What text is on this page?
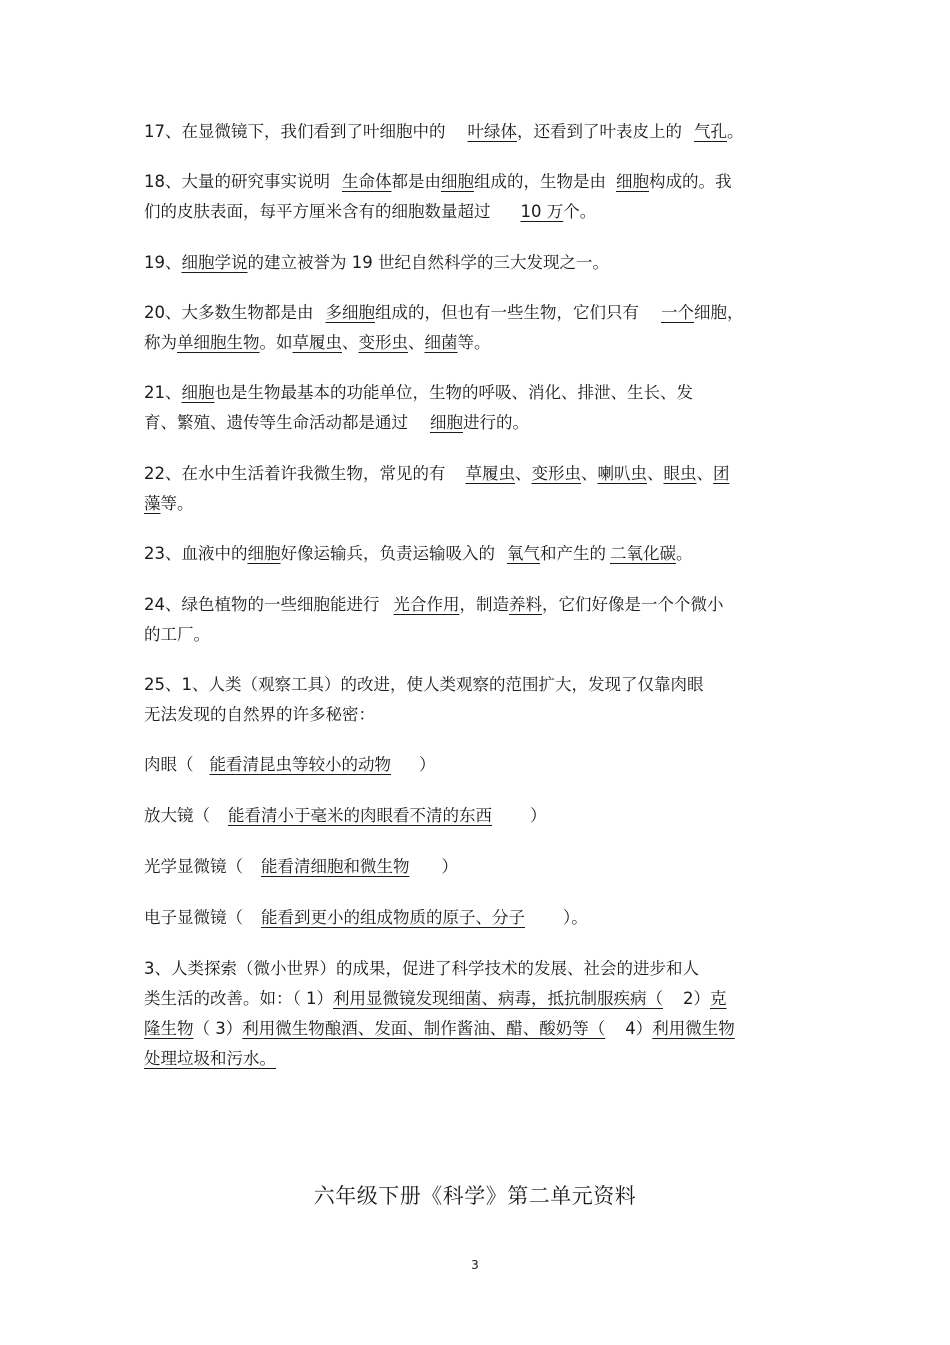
17、在显微镜下，我们看到了叶细胞中的 叶绿体，还看到了叶表皮上的 气孔。
18、大量的研究事实说明 生命体都是由细胞组成的，生物是由 细胞构成的。我
们的皮肤表面，每平方厘米含有的细胞数量超过 10 万个。
19、细胞学说的建立被誉为 19 世纪自然科学的三大发现之一。
20、大多数生物都是由 多细胞组成的，但也有一些生物，它们只有 一个细胞，
称为单细胞生物。如草履虫、变形虫、细菌等。
21、细胞也是生物最基本的功能单位，生物的呼吸、消化、排泄、生长、发
育、繁殖、遗传等生命活动都是通过 细胞进行的。
22、在水中生活着许我微生物，常见的有 草履虫、变形虫、喇叭虫、眼虫、团
藻等。
23、血液中的细胞好像运输兵，负责运输吸入的 氧气和产生的 二氧化碳。
24、绿色植物的一些细胞能进行 光合作用，制造养料，它们好像是一个个微小
的工厂。
25、1、人类（观察工具）的改进，使人类观察的范围扩大，发现了仅靠肉眼
无法发现的自然界的许多秘密：
肉眼（ 能看清昆虫等较小的动物 ）
放大镜（ 能看清小于毫米的肉眼看不清的东西 ）
光学显微镜（ 能看清细胞和微生物 ）
电子显微镜（ 能看到更小的组成物质的原子、分子 ）。
3、人类探索（微小世界）的成果，促进了科学技术的发展、社会的进步和人
类生活的改善。如：（ 1）利用显微镜发现细菌、病毒，抵抗制服疾病（ 2）克
隆生物（ 3）利用微生物酿酒、发面、制作酱油、醋、酸奶等（ 4）利用微生物
处理垃圾和污水。
六年级下册《科学》第二单元资料
3
